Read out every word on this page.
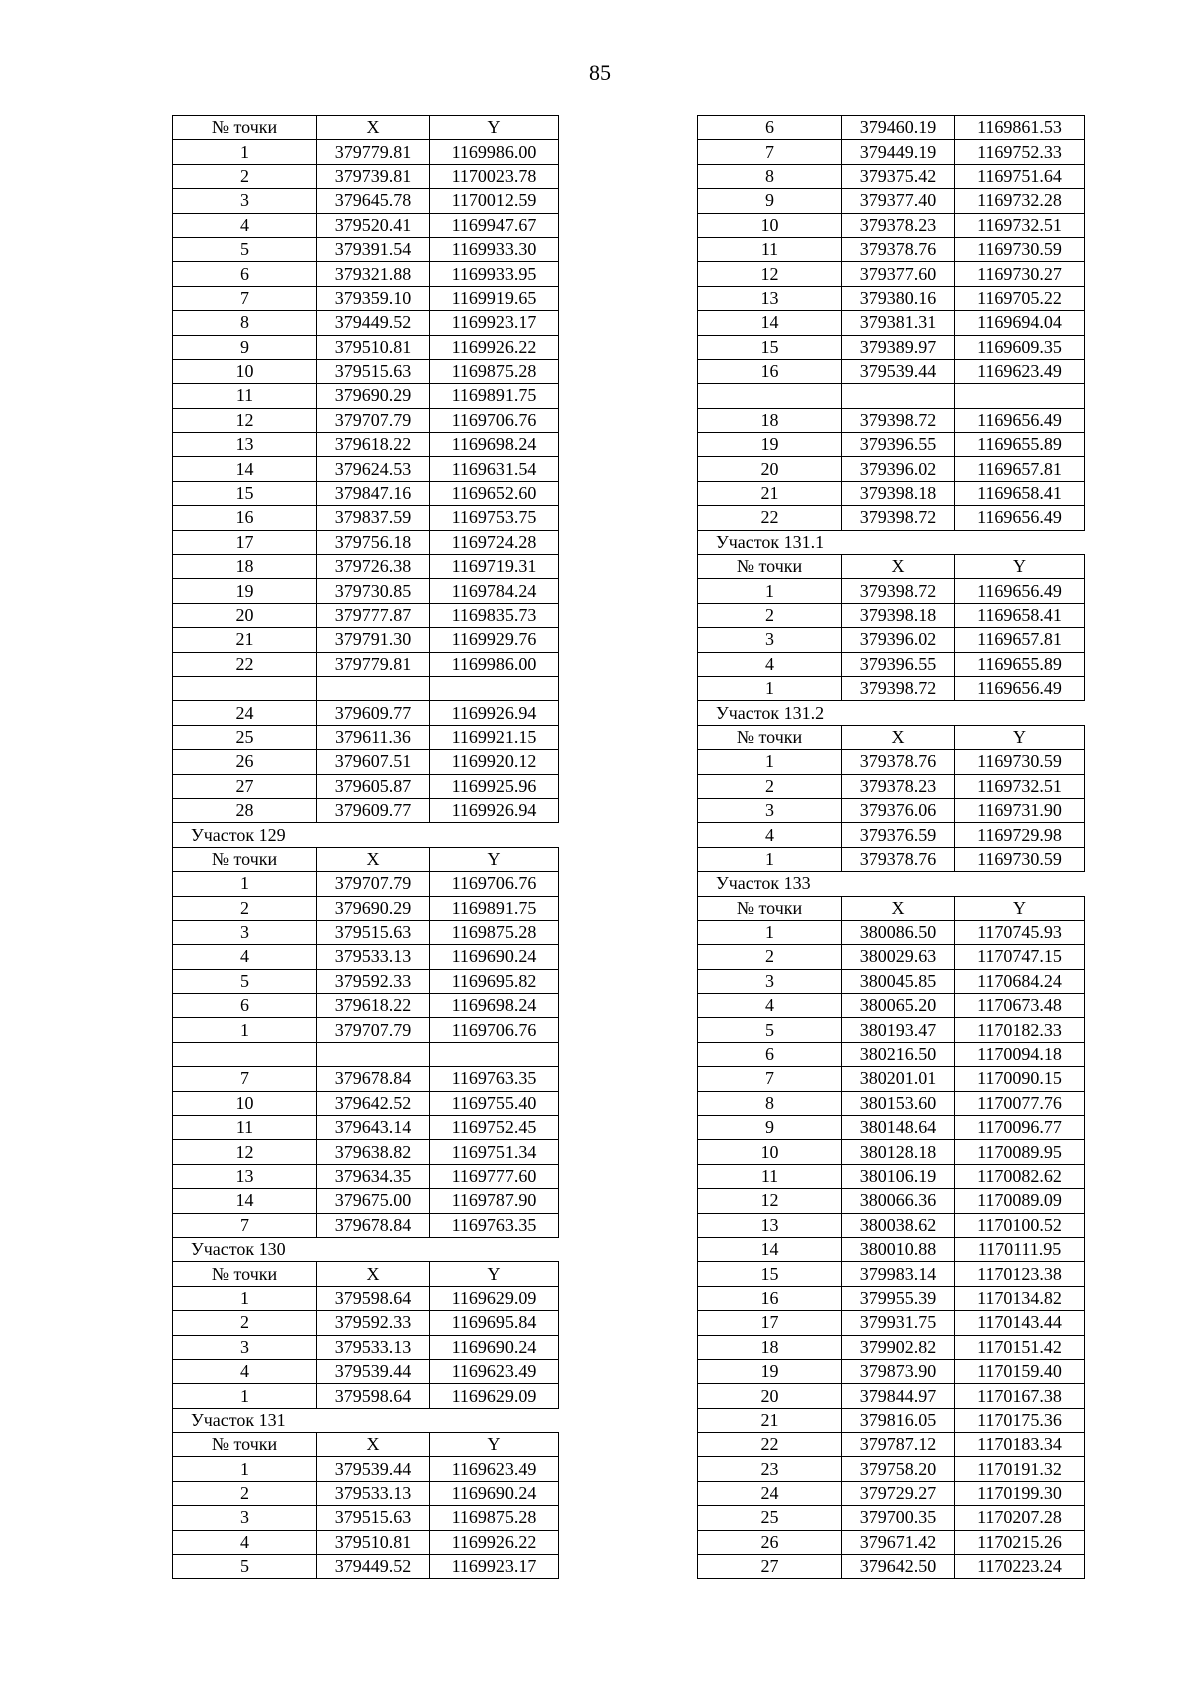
85
№ точки	X	Y
1	379779.81	1169986.00
2	379739.81	1170023.78
3	379645.78	1170012.59
4	379520.41	1169947.67
5	379391.54	1169933.30
6	379321.88	1169933.95
7	379359.10	1169919.65
8	379449.52	1169923.17
9	379510.81	1169926.22
10	379515.63	1169875.28
11	379690.29	1169891.75
12	379707.79	1169706.76
13	379618.22	1169698.24
14	379624.53	1169631.54
15	379847.16	1169652.60
16	379837.59	1169753.75
17	379756.18	1169724.28
18	379726.38	1169719.31
19	379730.85	1169784.24
20	379777.87	1169835.73
21	379791.30	1169929.76
22	379779.81	1169986.00

24	379609.77	1169926.94
25	379611.36	1169921.15
26	379607.51	1169920.12
27	379605.87	1169925.96
28	379609.77	1169926.94
Участок 129		
№ точки	X	Y
1	379707.79	1169706.76
2	379690.29	1169891.75
3	379515.63	1169875.28
4	379533.13	1169690.24
5	379592.33	1169695.82
6	379618.22	1169698.24
1	379707.79	1169706.76

7	379678.84	1169763.35
10	379642.52	1169755.40
11	379643.14	1169752.45
12	379638.82	1169751.34
13	379634.35	1169777.60
14	379675.00	1169787.90
7	379678.84	1169763.35
Участок 130		
№ точки	X	Y
1	379598.64	1169629.09
2	379592.33	1169695.84
3	379533.13	1169690.24
4	379539.44	1169623.49
1	379598.64	1169629.09
Участок 131		
№ точки	X	Y
1	379539.44	1169623.49
2	379533.13	1169690.24
3	379515.63	1169875.28
4	379510.81	1169926.22
5	379449.52	1169923.17
6	379460.19	1169861.53
7	379449.19	1169752.33
8	379375.42	1169751.64
9	379377.40	1169732.28
10	379378.23	1169732.51
11	379378.76	1169730.59
12	379377.60	1169730.27
13	379380.16	1169705.22
14	379381.31	1169694.04
15	379389.97	1169609.35
16	379539.44	1169623.49

18	379398.72	1169656.49
19	379396.55	1169655.89
20	379396.02	1169657.81
21	379398.18	1169658.41
22	379398.72	1169656.49
Участок 131.1		
№ точки	X	Y
1	379398.72	1169656.49
2	379398.18	1169658.41
3	379396.02	1169657.81
4	379396.55	1169655.89
1	379398.72	1169656.49
Участок 131.2		
№ точки	X	Y
1	379378.76	1169730.59
2	379378.23	1169732.51
3	379376.06	1169731.90
4	379376.59	1169729.98
1	379378.76	1169730.59
Участок 133		
№ точки	X	Y
1	380086.50	1170745.93
2	380029.63	1170747.15
3	380045.85	1170684.24
4	380065.20	1170673.48
5	380193.47	1170182.33
6	380216.50	1170094.18
7	380201.01	1170090.15
8	380153.60	1170077.76
9	380148.64	1170096.77
10	380128.18	1170089.95
11	380106.19	1170082.62
12	380066.36	1170089.09
13	380038.62	1170100.52
14	380010.88	1170111.95
15	379983.14	1170123.38
16	379955.39	1170134.82
17	379931.75	1170143.44
18	379902.82	1170151.42
19	379873.90	1170159.40
20	379844.97	1170167.38
21	379816.05	1170175.36
22	379787.12	1170183.34
23	379758.20	1170191.32
24	379729.27	1170199.30
25	379700.35	1170207.28
26	379671.42	1170215.26
27	379642.50	1170223.24
